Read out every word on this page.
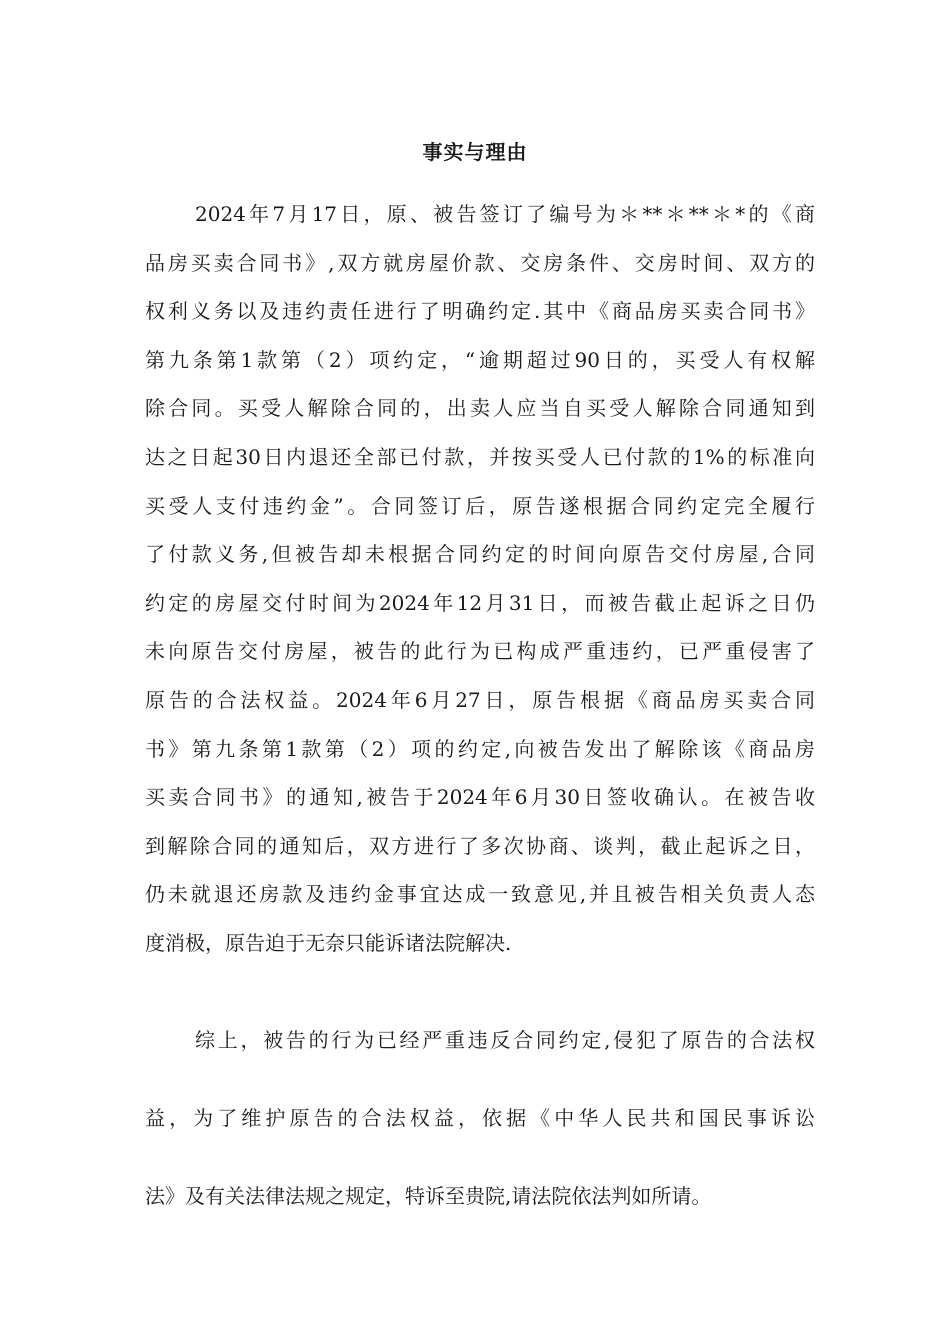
事实与理由
2024年7月17日，原、被告签订了编号为＊**＊**＊*的《商
品房买卖合同书》,双方就房屋价款、交房条件、交房时间、双方的
权利义务以及违约责任进行了明确约定.其中《商品房买卖合同书》
第九条第1款第（2）项约定，“逾期超过90日的，买受人有权解
除合同。买受人解除合同的，出卖人应当自买受人解除合同通知到
达之日起30日内退还全部已付款，并按买受人已付款的1%的标准向
买受人支付违约金”。合同签订后，原告遂根据合同约定完全履行
了付款义务,但被告却未根据合同约定的时间向原告交付房屋,合同
约定的房屋交付时间为2024年12月31日，而被告截止起诉之日仍
未向原告交付房屋，被告的此行为已构成严重违约，已严重侵害了
原告的合法权益。2024年6月27日，原告根据《商品房买卖合同
书》第九条第1款第（2）项的约定,向被告发出了解除该《商品房
买卖合同书》的通知,被告于2024年6月30日签收确认。在被告收
到解除合同的通知后，双方进行了多次协商、谈判，截止起诉之日，
仍未就退还房款及违约金事宜达成一致意见,并且被告相关负责人态
度消极，原告迫于无奈只能诉诸法院解决.
综上，被告的行为已经严重违反合同约定,侵犯了原告的合法权
益，为了维护原告的合法权益，依据《中华人民共和国民事诉讼
法》及有关法律法规之规定，特诉至贵院,请法院依法判如所请。
